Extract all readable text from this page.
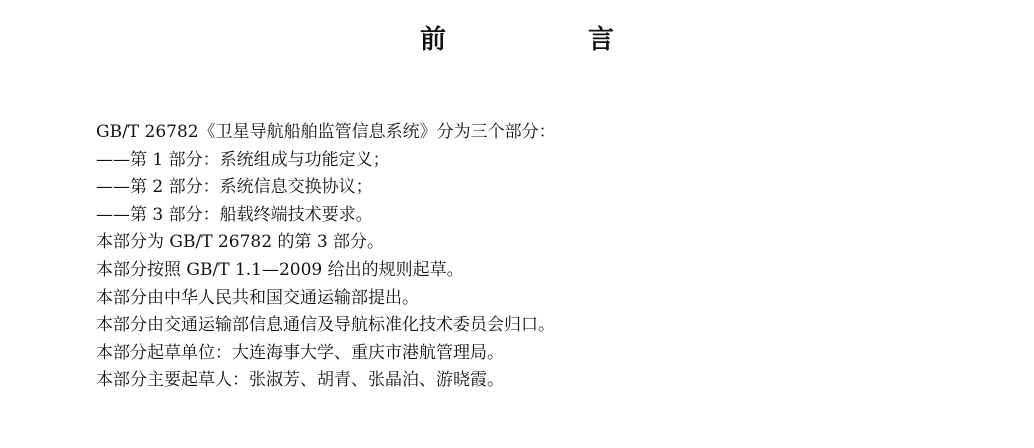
前　言
GB/T 26782《卫星导航船舶监管信息系统》分为三个部分：
——第 1 部分：系统组成与功能定义；
——第 2 部分：系统信息交换协议；
——第 3 部分：船载终端技术要求。
本部分为 GB/T 26782 的第 3 部分。
本部分按照 GB/T 1.1—2009 给出的规则起草。
本部分由中华人民共和国交通运输部提出。
本部分由交通运输部信息通信及导航标准化技术委员会归口。
本部分起草单位：大连海事大学、重庆市港航管理局。
本部分主要起草人：张淑芳、胡青、张晶泊、游晓霞。
